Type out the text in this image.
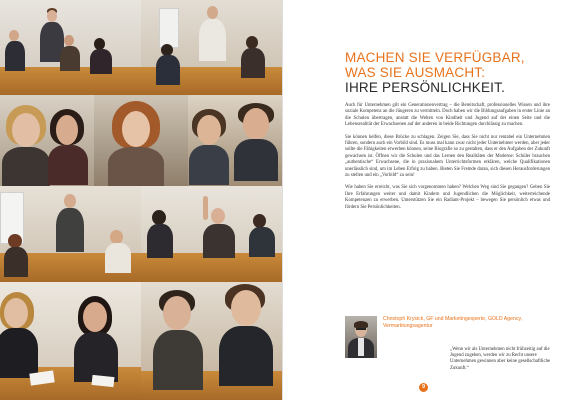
MACHEN SIE VERFÜGBAR, WAS SIE AUSMACHT:
IHRE PERSÖNLICHKEIT.

Auch für Unternehmen gilt ein Generationenvertrag – die Bereitschaft, professionelles Wissen und ihre soziale Kompetenz an die Jüngeren zu vermitteln. Doch haben wir die Bildungsaufgaben in erster Linie an die Schulen übertragen, anstatt die Welten von Kindheit und Jugend auf der einen Seite und die Lebensrealität der Erwachsenen auf der anderen in beide Richtungen durchlässig zu machen.

Sie können helfen, diese Brücke zu schlagen. Zeigen Sie, dass Sie nicht nur rentabel ein Unternehmen führen, sondern auch ein Vorbild sind. Es muss mal kann zwar nicht jeder Unternehmer werden, aber jeder sollte die Fähigkeiten erwerben können, seine Biografie so zu gestalten, dass er den Aufgaben der Zukunft gewachsen ist. Öffnen wir die Schulen und das Lernen den Realitäten der Moderne: Schüler brauchen „authentische“ Erwachsene, die in praxisnahem Unterrichtsformen erklären, welche Qualifikationen unerlässlich sind, um im Leben Erfolg zu haben. Bieten Sie Fremde daran, sich diesen Herausforderungen zu stellen und ein „Vorbild“ zu sein!

Wie haben Sie erreicht, was Sie sich vorgenommen haben? Welchen Weg sind Sie gegangen? Geben Sie Ihre Erfahrungen weiter und damit Kindern und Jugendlichen die Möglichkeit, weiterreichende Kompetenzen zu erwerben. Unterstützen Sie ein Radiant-Projekt – bewegen Sie persönlich etwas und fördern Sie Persönlichkeiten.

Christoph Krysick, GF und Marketingexperte, GOLD Agency, Vermarktungsagentur
„Wenn wir als Unternehmen nicht frühzeitig auf die Jugend zugehen, werden wir zu Recht unsere Unternehmen gewinnen aber keine gesellschaftliche Zukunft.“
9
